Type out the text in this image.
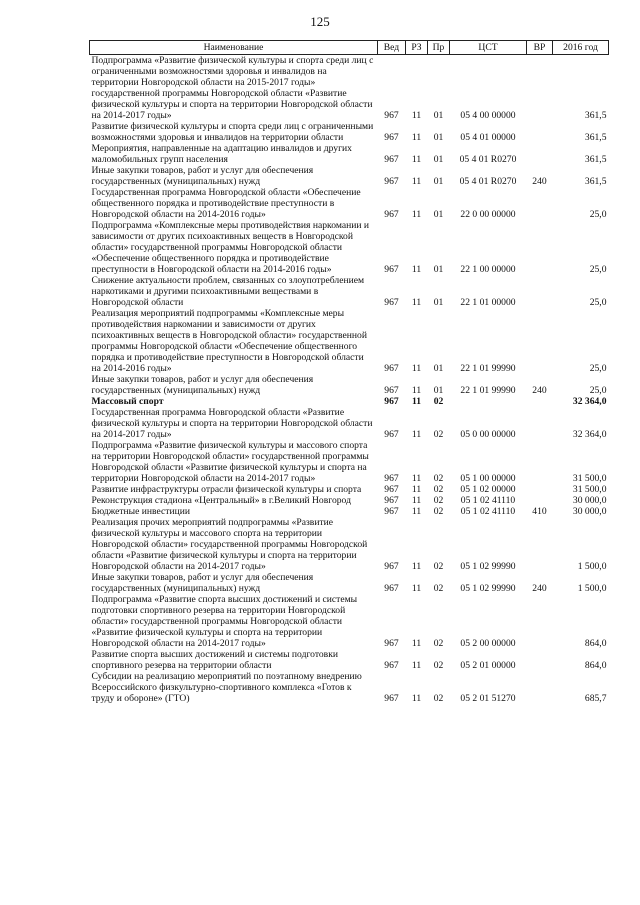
125
Наименование	Вед	РЗ	Пр	ЦСТ	ВР	2016 год
Подпрограмма «Развитие физической культуры и спорта среди лиц с ограниченными возможностями здоровья и инвалидов на территории Новгородской области на 2015-2017 годы» государственной программы Новгородской области «Развитие физической культуры и спорта на территории Новгородской области на 2014-2017 годы»	967	11	01	05 4 00 00000		361,5
Развитие физической культуры и спорта среди лиц с ограниченными возможностями здоровья и инвалидов на территории области	967	11	01	05 4 01 00000		361,5
Мероприятия, направленные на адаптацию инвалидов и других маломобильных групп населения	967	11	01	05 4 01 R0270		361,5
Иные закупки товаров, работ и услуг для обеспечения государственных (муниципальных) нужд	967	11	01	05 4 01 R0270	240	361,5
Государственная программа Новгородской области «Обеспечение общественного порядка и противодействие преступности в Новгородской области на 2014-2016 годы»	967	11	01	22 0 00 00000		25,0
Подпрограмма «Комплексные меры противодействия наркомании и зависимости от других психоактивных веществ в Новгородской области» государственной программы Новгородской области «Обеспечение общественного порядка и противодействие преступности в Новгородской области на 2014-2016 годы»	967	11	01	22 1 00 00000		25,0
Снижение актуальности проблем, связанных со злоупотреблением наркотиками и другими психоактивными веществами в Новгородской области	967	11	01	22 1 01 00000		25,0
Реализация мероприятий подпрограммы «Комплексные меры противодействия наркомании и зависимости от других психоактивных веществ в Новгородской области» государственной программы Новгородской области «Обеспечение общественного порядка и противодействие преступности в Новгородской области на 2014-2016 годы»	967	11	01	22 1 01 99990		25,0
Иные закупки товаров, работ и услуг для обеспечения государственных (муниципальных) нужд	967	11	01	22 1 01 99990	240	25,0
Массовый спорт	967	11	02			32 364,0
Государственная программа Новгородской области «Развитие физической культуры и спорта на территории Новгородской области на 2014-2017 годы»	967	11	02	05 0 00 00000		32 364,0
Подпрограмма «Развитие физической культуры и массового спорта на территории Новгородской области» государственной программы Новгородской области «Развитие физической культуры и спорта на территории Новгородской области на 2014-2017 годы»	967	11	02	05 1 00 00000		31 500,0
Развитие инфраструктуры отрасли физической культуры и спорта	967	11	02	05 1 02 00000		31 500,0
Реконструкция стадиона «Центральный» в г.Великий Новгород	967	11	02	05 1 02 41110		30 000,0
Бюджетные инвестиции	967	11	02	05 1 02 41110	410	30 000,0
Реализация прочих мероприятий подпрограммы «Развитие физической культуры и массового спорта на территории Новгородской области» государственной программы Новгородской области «Развитие физической культуры и спорта на территории Новгородской области на 2014-2017 годы»	967	11	02	05 1 02 99990		1 500,0
Иные закупки товаров, работ и услуг для обеспечения государственных (муниципальных) нужд	967	11	02	05 1 02 99990	240	1 500,0
Подпрограмма «Развитие спорта высших достижений и системы подготовки спортивного резерва на территории Новгородской области» государственной программы Новгородской области «Развитие физической культуры и спорта на территории Новгородской области на 2014-2017 годы»	967	11	02	05 2 00 00000		864,0
Развитие спорта высших достижений и системы подготовки спортивного резерва на территории области	967	11	02	05 2 01 00000		864,0
Субсидии на реализацию мероприятий по поэтапному внедрению Всероссийского физкультурно-спортивного комплекса «Готов к труду и обороне» (ГТО)	967	11	02	05 2 01 51270		685,7
